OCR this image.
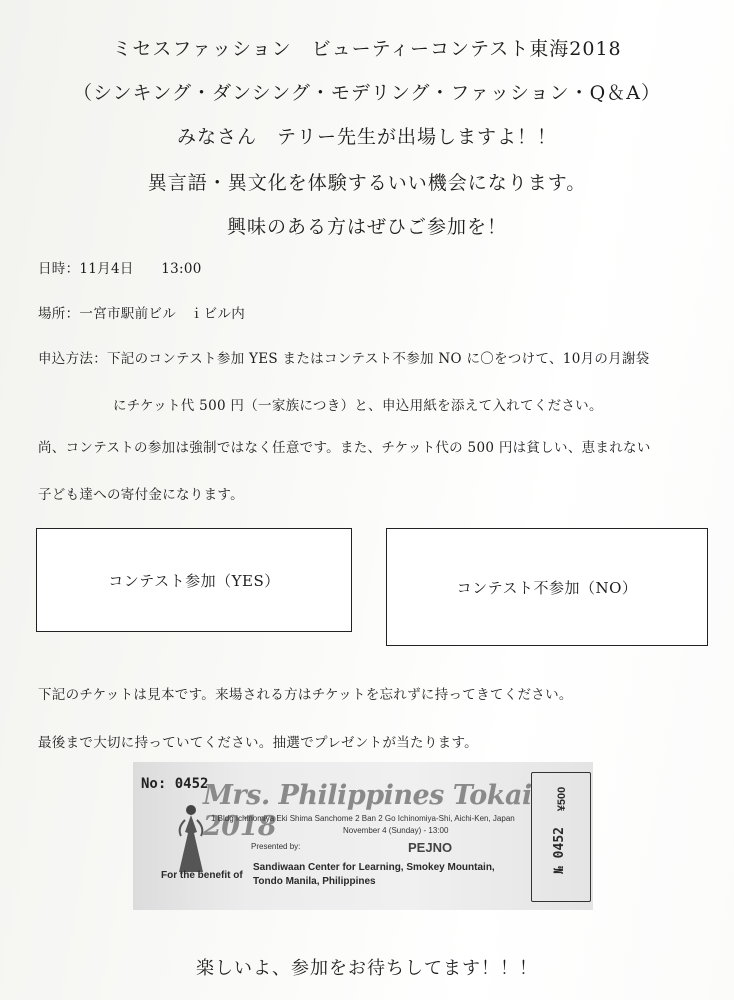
ミセスファッション　ビューティーコンテスト東海2018
（シンキング・ダンシング・モデリング・ファッション・Q＆A）
みなさん　テリー先生が出場しますよ！！
異言語・異文化を体験するいい機会になります。
興味のある方はぜひご参加を！
日時：11月4日　　13:00
場所：一宮市駅前ビル　ｉビル内
申込方法：下記のコンテスト参加 YES またはコンテスト不参加 NO に〇をつけて、10月の月謝袋
にチケット代 500 円（一家族につき）と、申込用紙を添えて入れてください。
尚、コンテストの参加は強制ではなく任意です。また、チケット代の 500 円は貧しい、恵まれない
子ども達への寄付金になります。
コンテスト参加（YES）	コンテスト不参加（NO）
下記のチケットは見本です。来場される方はチケットを忘れずに持ってきてください。
最後まで大切に持っていてください。抽選でプレゼントが当たります。
No: 0452
Mrs. Philippines Tokai 2018
1 Bldg Ichinomiya Eki Shima Sanchome 2 Ban 2 Go Ichinomiya-Shi, Aichi-Ken, Japan
November 4 (Sunday) - 13:00
Presented by:	PEJNO
For the benefit of
Sandiwaan Center for Learning, Smokey Mountain,
Tondo Manila, Philippines
¥500
№ 0452
楽しいよ、参加をお待ちしてます！！！
